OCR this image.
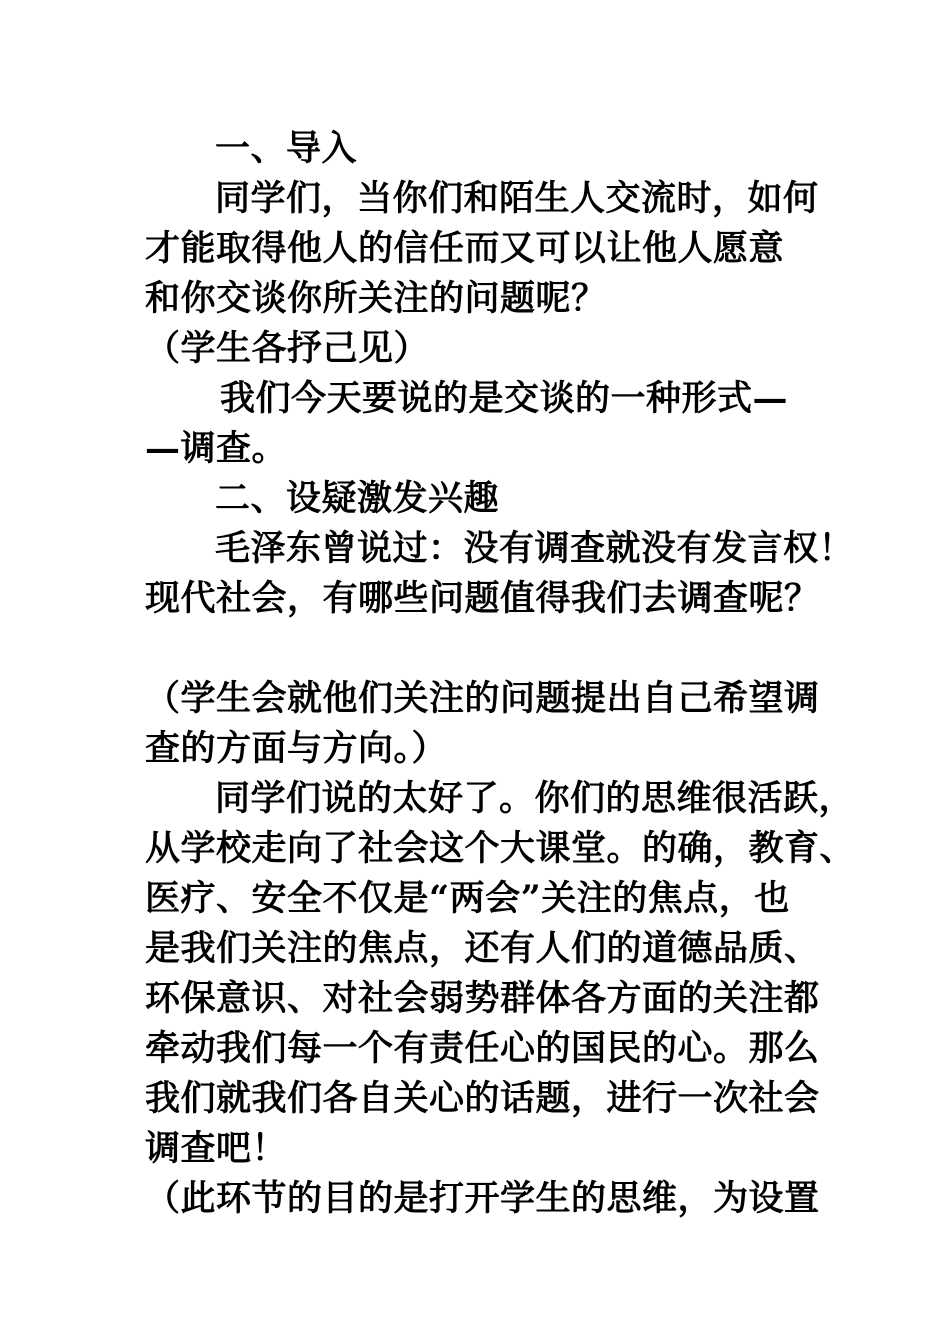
一、导入
同学们，当你们和陌生人交流时，如何
才能取得他人的信任而又可以让他人愿意
和你交谈你所关注的问题呢？
（学生各抒己见）
我们今天要说的是交谈的一种形式—
—调查。
二、设疑激发兴趣
毛泽东曾说过：没有调查就没有发言权！
现代社会，有哪些问题值得我们去调查呢？
（学生会就他们关注的问题提出自己希望调
查的方面与方向。）
同学们说的太好了。你们的思维很活跃，
从学校走向了社会这个大课堂。的确，教育、
医疗、安全不仅是“两会”关注的焦点，也
是我们关注的焦点，还有人们的道德品质、
环保意识、对社会弱势群体各方面的关注都
牵动我们每一个有责任心的国民的心。那么
我们就我们各自关心的话题，进行一次社会
调查吧！
（此环节的目的是打开学生的思维，为设置
